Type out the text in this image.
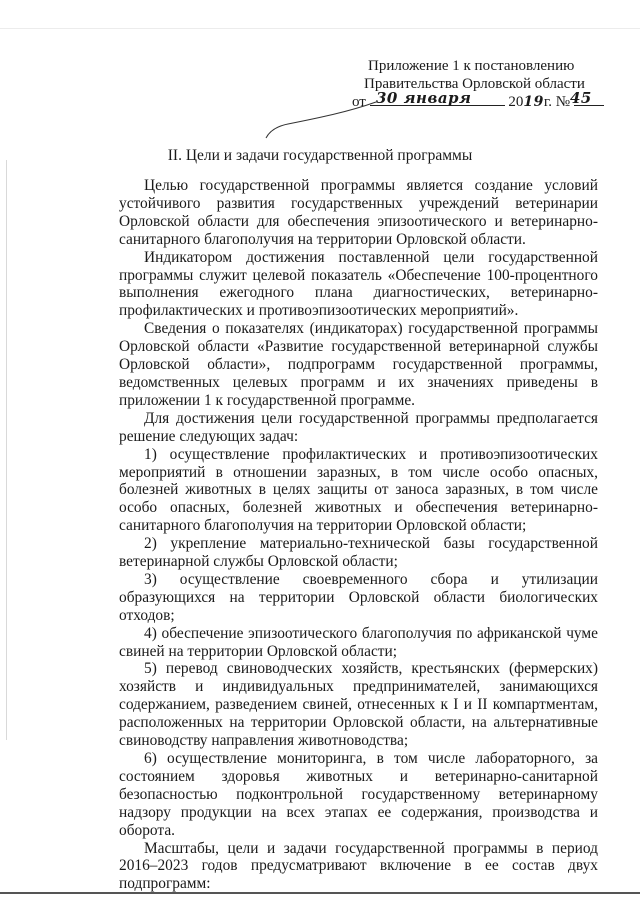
Приложение 1 к постановлению
Правительства Орловской области
от	2019г. №
30 января	45
II. Цели и задачи государственной программы

Целью государственной программы является создание условий устойчивого развития государственных учреждений ветеринарии Орловской области для обеспечения эпизоотического и ветеринарно-санитарного благополучия на территории Орловской области.

Индикатором достижения поставленной цели государственной программы служит целевой показатель «Обеспечение 100-процентного выполнения ежегодного плана диагностических, ветеринарно-профилактических и противоэпизоотических мероприятий».

Сведения о показателях (индикаторах) государственной программы Орловской области «Развитие государственной ветеринарной службы Орловской области», подпрограмм государственной программы, ведомственных целевых программ и их значениях приведены в приложении 1 к государственной программе.

Для достижения цели государственной программы предполагается решение следующих задач:

1) осуществление профилактических и противоэпизоотических мероприятий в отношении заразных, в том числе особо опасных, болезней животных в целях защиты от заноса заразных, в том числе особо опасных, болезней животных и обеспечения ветеринарно-санитарного благополучия на территории Орловской области;

2) укрепление материально-технической базы государственной ветеринарной службы Орловской области;

3) осуществление своевременного сбора и утилизации образующихся на территории Орловской области биологических отходов;

4) обеспечение эпизоотического благополучия по африканской чуме свиней на территории Орловской области;

5) перевод свиноводческих хозяйств, крестьянских (фермерских) хозяйств и индивидуальных предпринимателей, занимающихся содержанием, разведением свиней, отнесенных к I и II компартментам, расположенных на территории Орловской области, на альтернативные свиноводству направления животноводства;

6) осуществление мониторинга, в том числе лабораторного, за состоянием здоровья животных и ветеринарно-санитарной безопасностью подконтрольной государственному ветеринарному надзору продукции на всех этапах ее содержания, производства и оборота.

Масштабы, цели и задачи государственной программы в период 2016–2023 годов предусматривают включение в ее состав двух подпрограмм:
